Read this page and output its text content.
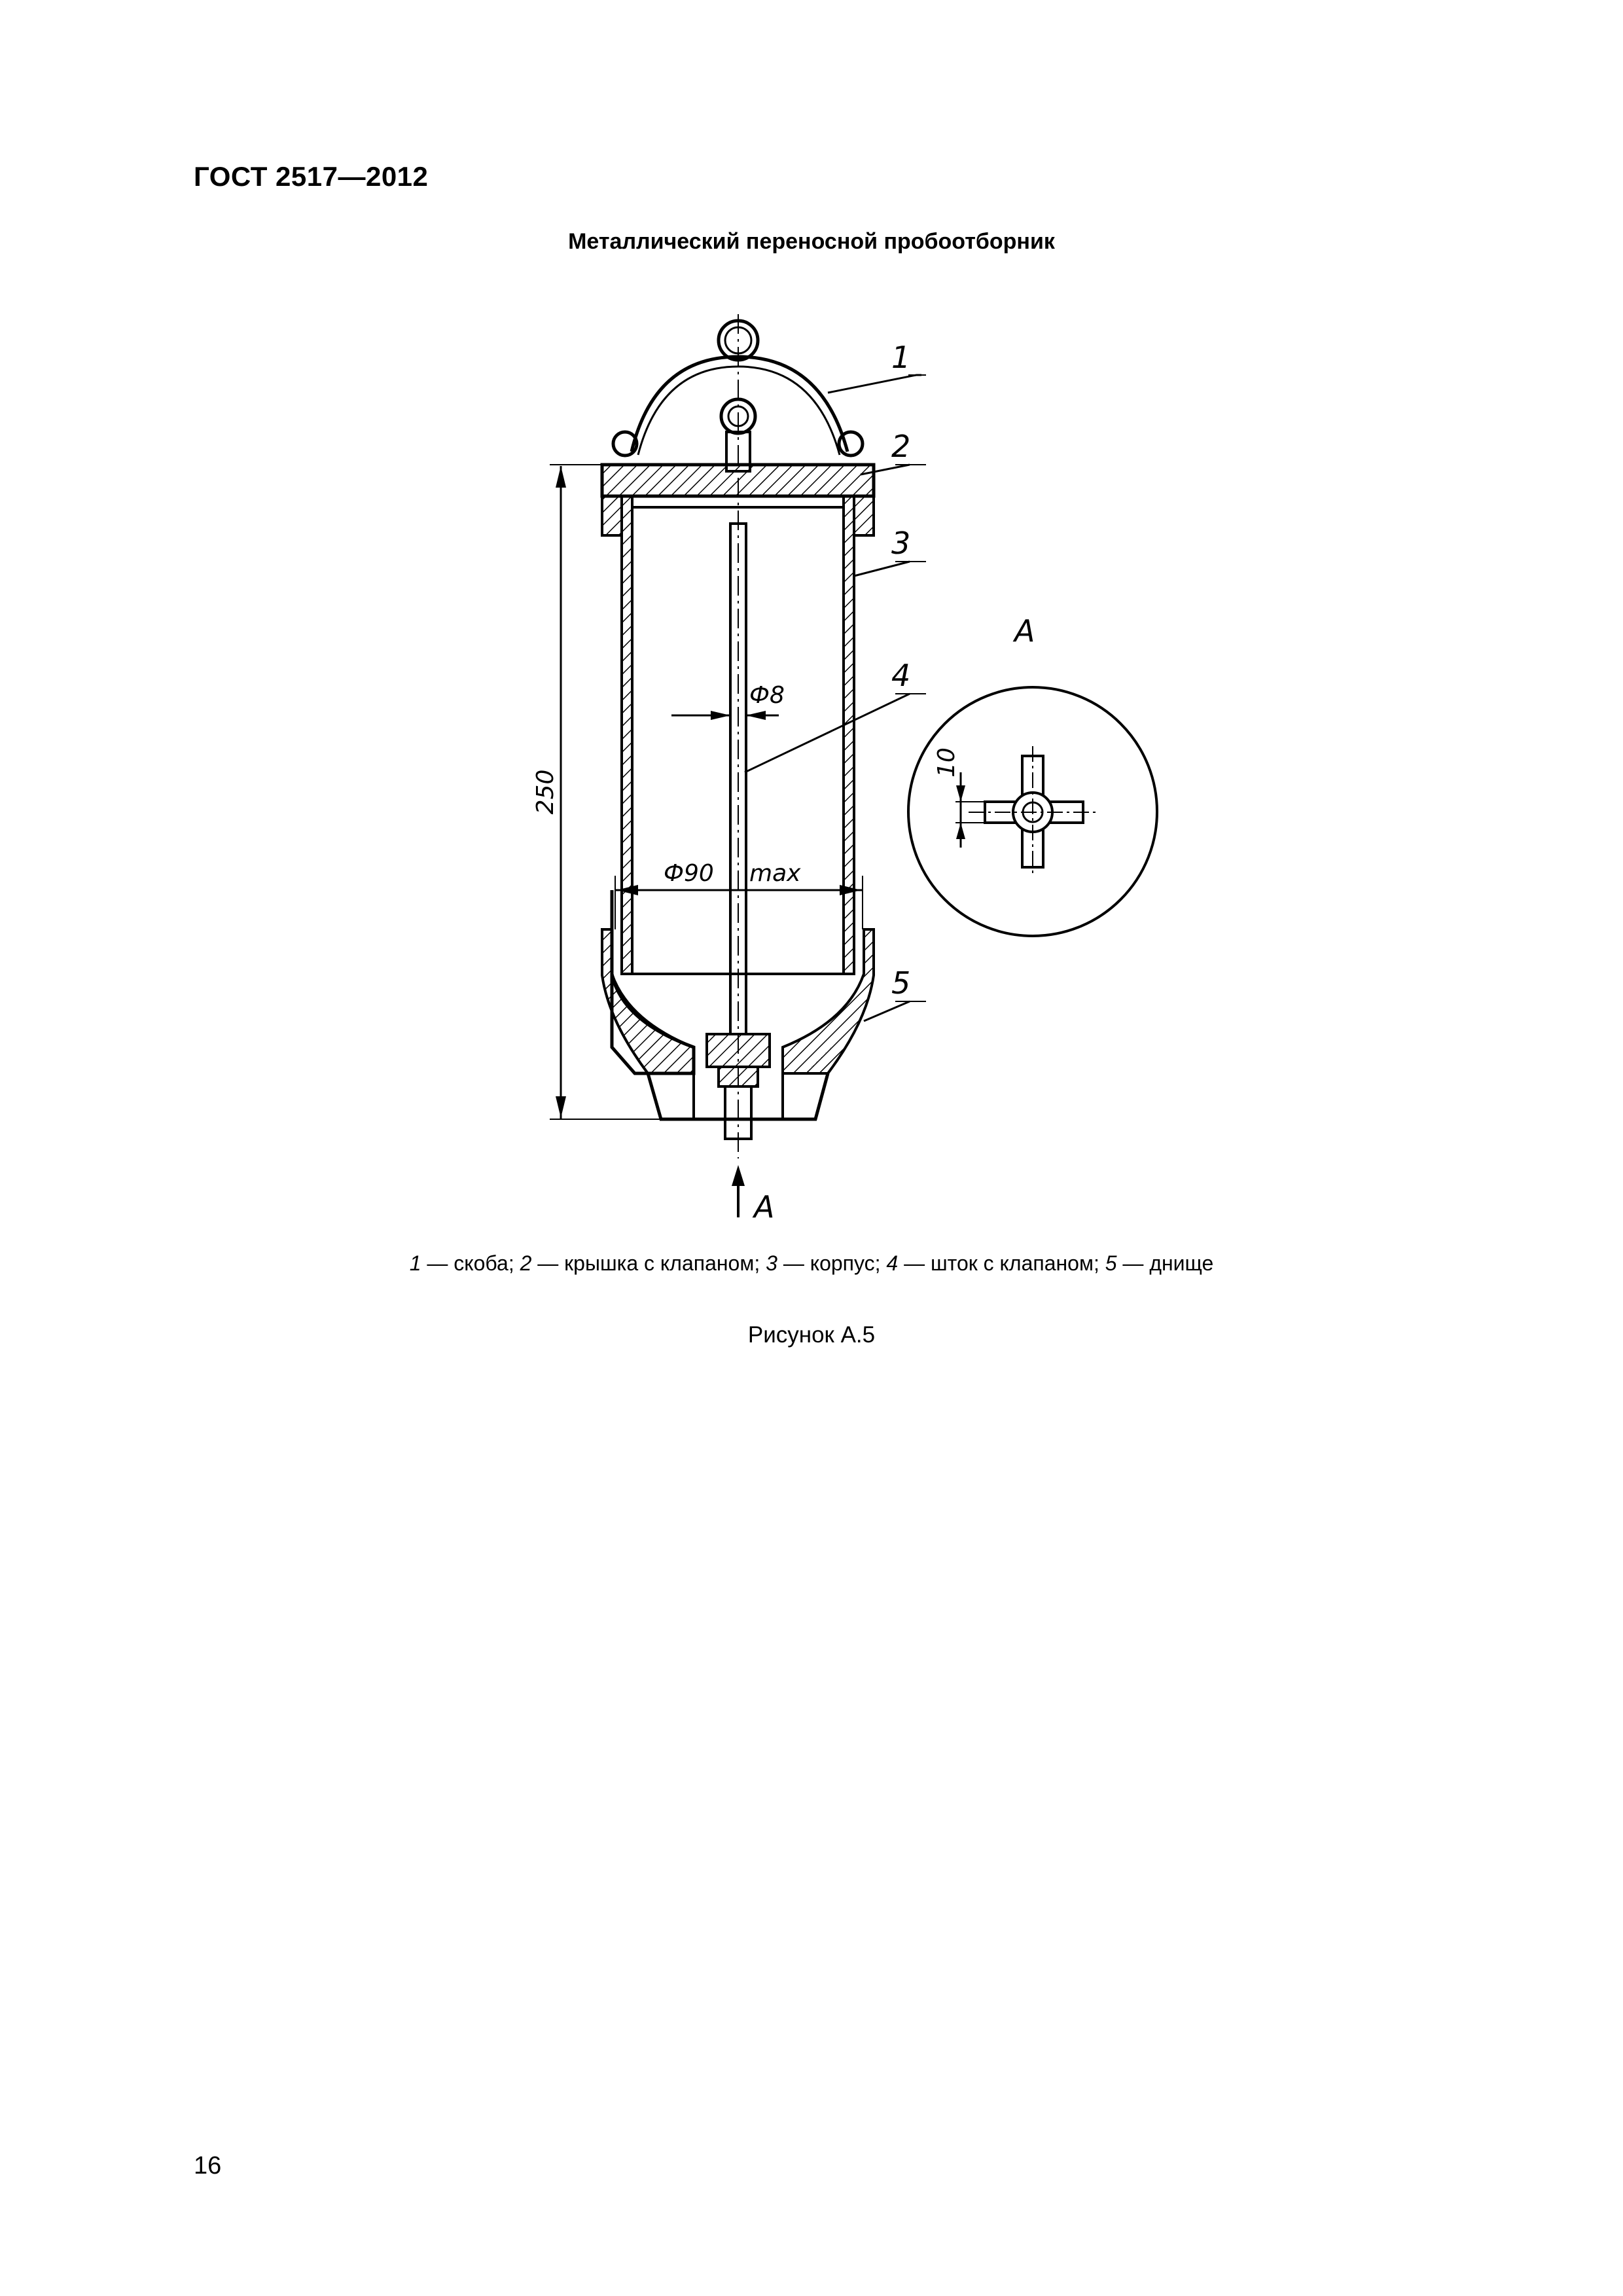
ГОСТ 2517—2012
Металлический переносной пробоотборник
250
Ф8
Ф90 max
А
1
2
3
4
5
А
10
1 — скоба; 2 — крышка с клапаном; 3 — корпус; 4 — шток с клапаном; 5 — днище
Рисунок А.5
16
